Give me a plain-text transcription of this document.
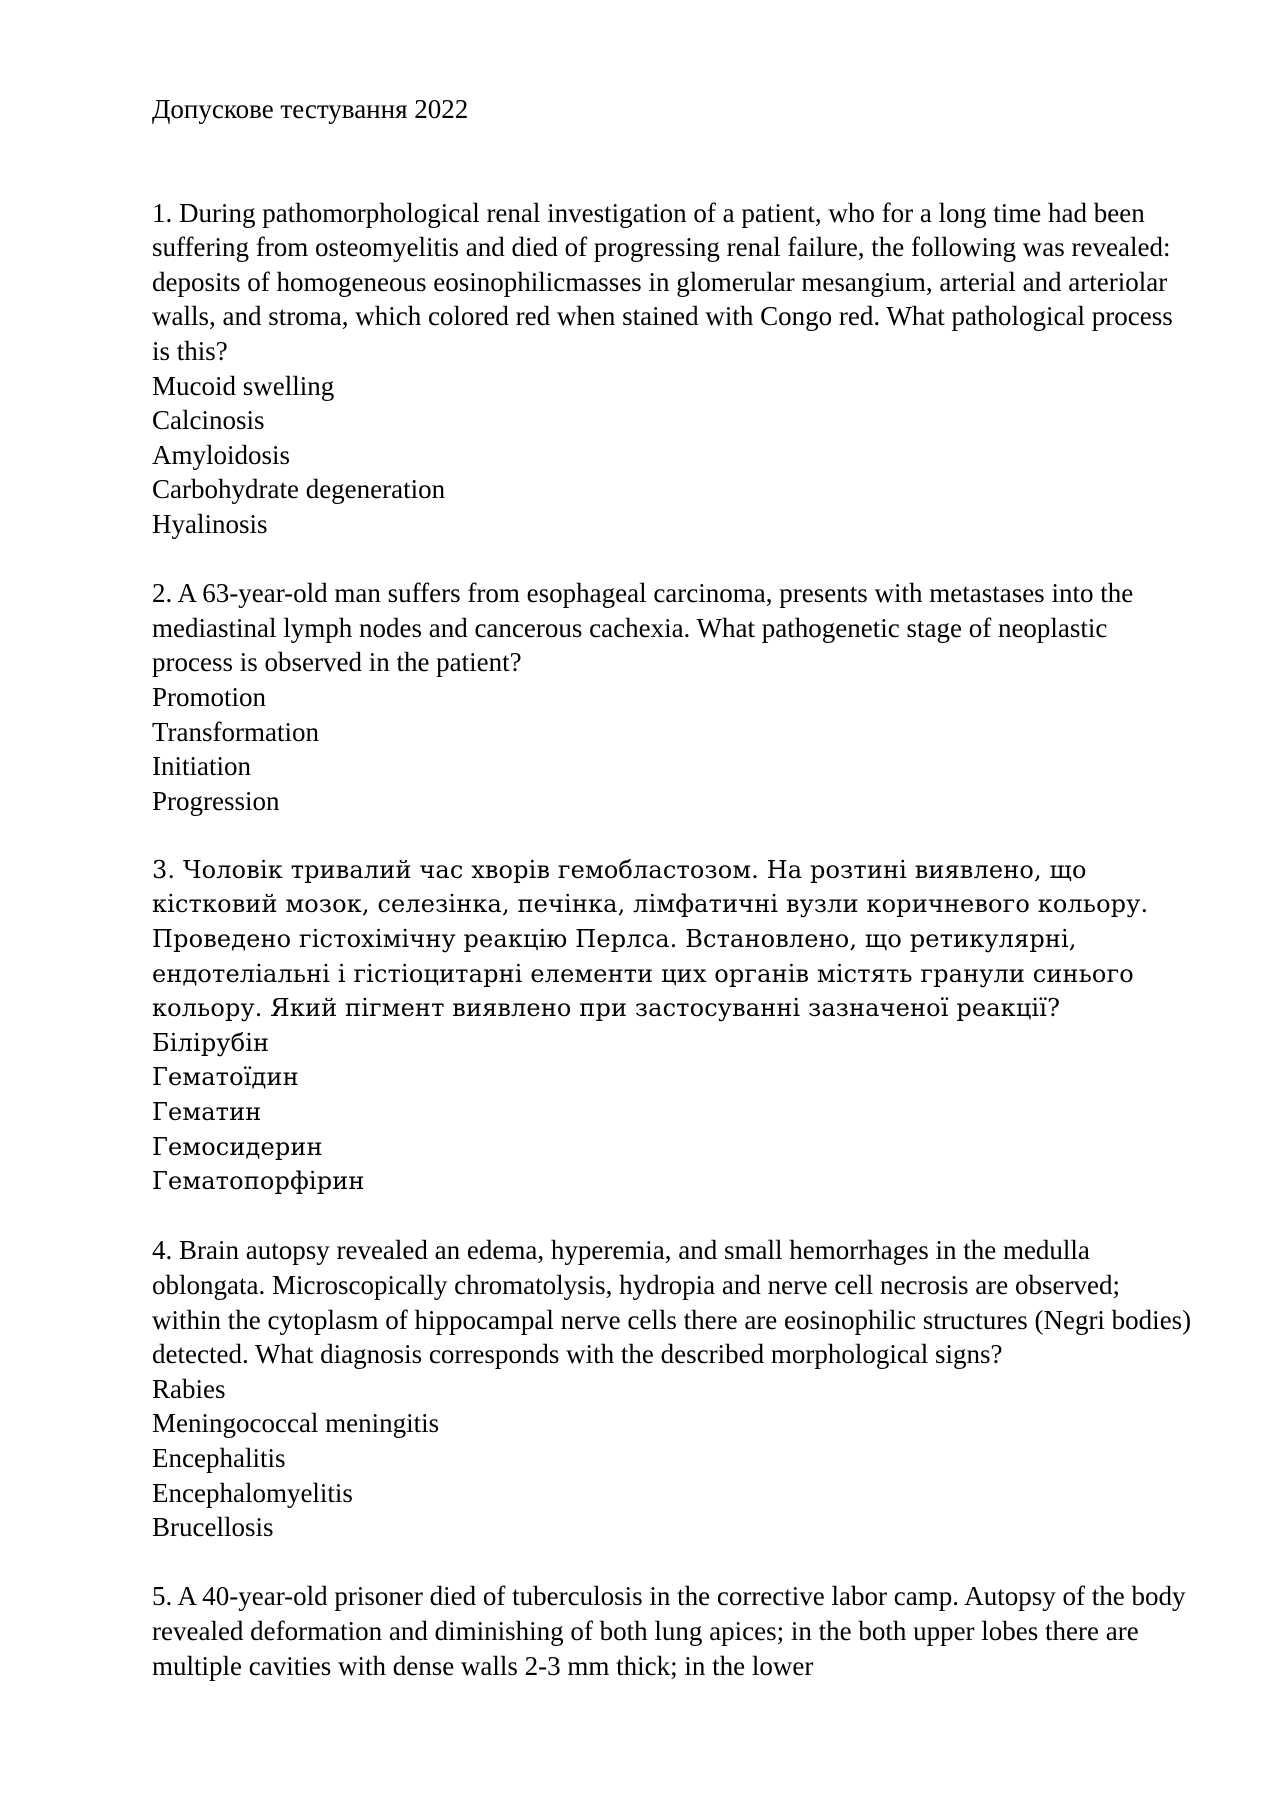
Допускове тестування 2022

1. During pathomorphological renal investigation of a patient, who for a long time had been suffering from osteomyelitis and died of progressing renal failure, the following was revealed: deposits of homogeneous eosinophilicmasses in glomerular mesangium, arterial and arteriolar walls, and stroma, which colored red when stained with Congo red. What pathological process is this?

Mucoid swelling
Calcinosis
Amyloidosis
Carbohydrate degeneration
Hyalinosis

2. A 63-year-old man suffers from esophageal carcinoma, presents with metastases into the mediastinal lymph nodes and cancerous cachexia. What pathogenetic stage of neoplastic process is observed in the patient?

Promotion
Transformation
Initiation
Progression

3. Чоловік тривалий час хворів гемобластозом. На розтині виявлено, що кістковий мозок, селезінка, печінка, лімфатичні вузли коричневого кольору. Проведено гістохімічну реакцію Перлса. Встановлено, що ретикулярні, ендотеліальні і гістіоцитарні елементи цих органів містять гранули синього кольору. Який пігмент виявлено при застосуванні зазначеної реакції?

Білірубін
Гематоїдин
Гематин
Гемосидерин
Гематопорфірин

4. Brain autopsy revealed an edema, hyperemia, and small hemorrhages in the medulla oblongata. Microscopically chromatolysis, hydropia and nerve cell necrosis are observed; within the cytoplasm of hippocampal nerve cells there are eosinophilic structures (Negri bodies) detected. What diagnosis corresponds with the described morphological signs?

Rabies
Meningococcal meningitis
Encephalitis
Encephalomyelitis
Brucellosis

5. A 40-year-old prisoner died of tuberculosis in the corrective labor camp. Autopsy of the body revealed deformation and diminishing of both lung apices; in the both upper lobes there are multiple cavities with dense walls 2-3 mm thick; in the lower
